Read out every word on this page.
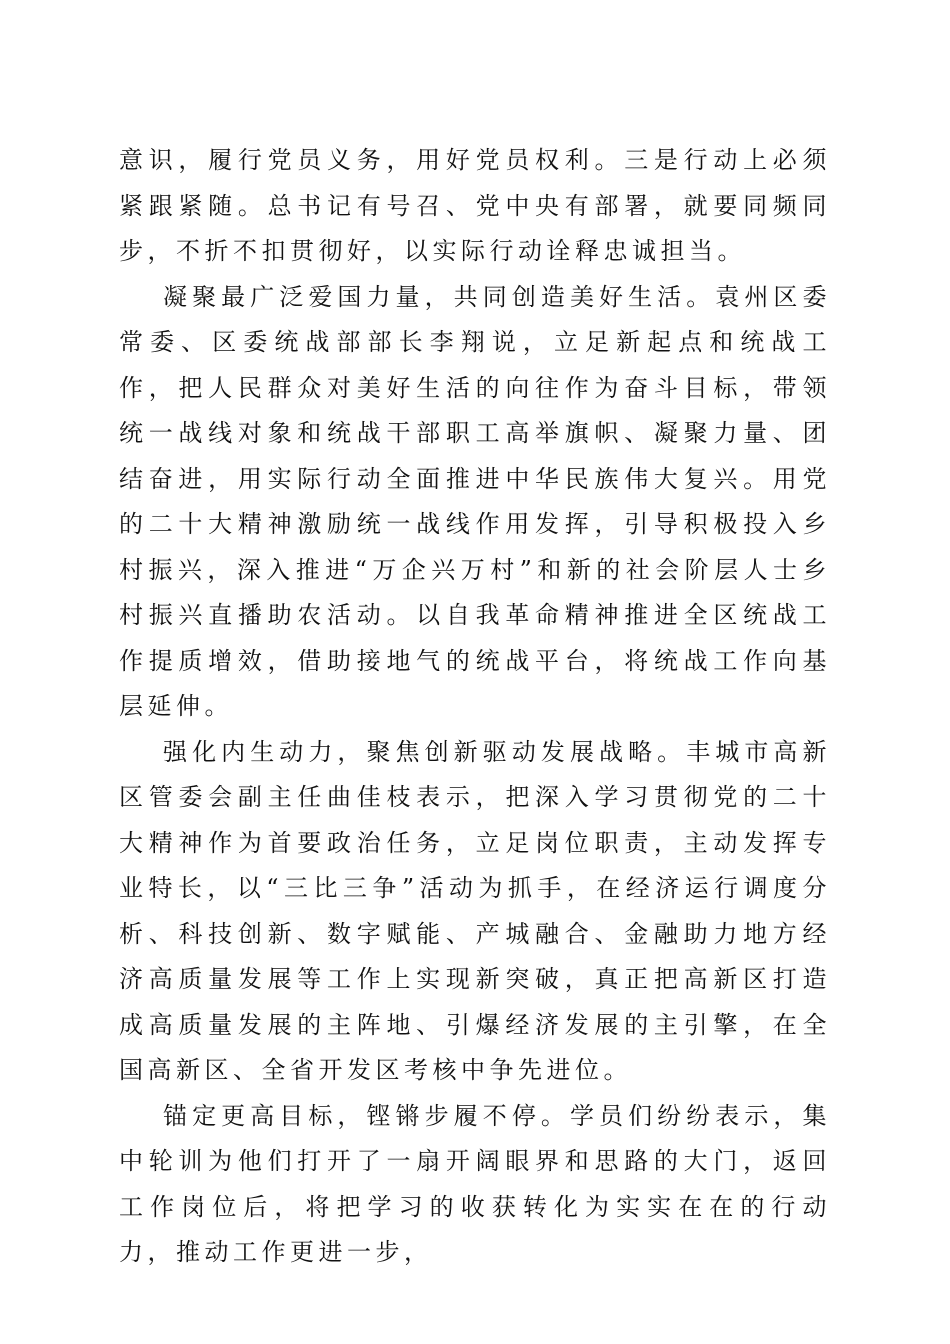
意识，履行党员义务，用好党员权利。三是行动上必须紧跟紧随。总书记有号召、党中央有部署，就要同频同步，不折不扣贯彻好，以实际行动诠释忠诚担当。

凝聚最广泛爱国力量，共同创造美好生活。袁州区委常委、区委统战部部长李翔说，立足新起点和统战工作，把人民群众对美好生活的向往作为奋斗目标，带领统一战线对象和统战干部职工高举旗帜、凝聚力量、团结奋进，用实际行动全面推进中华民族伟大复兴。用党的二十大精神激励统一战线作用发挥，引导积极投入乡村振兴，深入推进“万企兴万村”和新的社会阶层人士乡村振兴直播助农活动。以自我革命精神推进全区统战工作提质增效，借助接地气的统战平台，将统战工作向基层延伸。

强化内生动力，聚焦创新驱动发展战略。丰城市高新区管委会副主任曲佳枝表示，把深入学习贯彻党的二十大精神作为首要政治任务，立足岗位职责，主动发挥专业特长，以“三比三争”活动为抓手，在经济运行调度分析、科技创新、数字赋能、产城融合、金融助力地方经济高质量发展等工作上实现新突破，真正把高新区打造成高质量发展的主阵地、引爆经济发展的主引擎，在全国高新区、全省开发区考核中争先进位。

锚定更高目标，铿锵步履不停。学员们纷纷表示，集中轮训为他们打开了一扇开阔眼界和思路的大门，返回工作岗位后，将把学习的收获转化为实实在在的行动力，推动工作更进一步，
